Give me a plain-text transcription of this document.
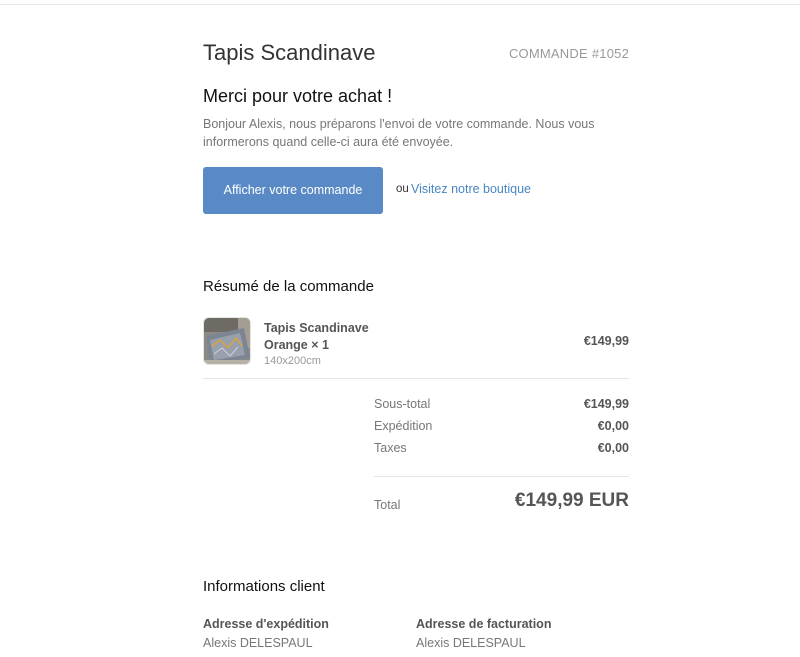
Tapis Scandinave	COMMANDE #1052
Merci pour votre achat !

Bonjour Alexis, nous préparons l'envoi de votre commande. Nous vous informerons quand celle-ci aura été envoyée.

Afficher votre commande	ou Visitez notre boutique
Résumé de la commande
Tapis Scandinave
Orange × 1
140x200cm
€149,99
Sous-total	€149,99
Expédition	€0,00
Taxes	€0,00
Total	€149,99 EUR
Informations client
Adresse d'expédition
Alexis DELESPAUL
Adresse de facturation
Alexis DELESPAUL
